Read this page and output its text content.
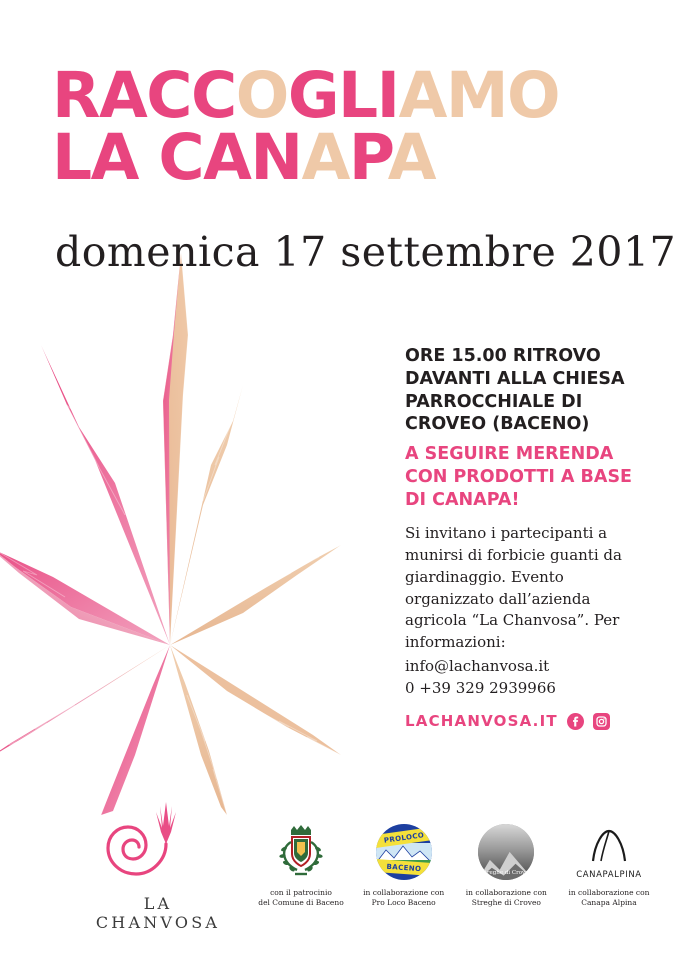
RACCOGLIAMO
LA CANAPA
domenica 17 settembre 2017
ORE 15.00 RITROVO DAVANTI ALLA CHIESA PARROCCHIALE DI CROVEO (BACENO)
A SEGUIRE MERENDA CON PRODOTTI A BASE DI CANAPA!
Si invitano i partecipanti a munirsi di forbicie guanti da giardinaggio. Evento organizzato dall’azienda agricola “La Chanvosa”. Per informazioni:
info@lachanvosa.it
0 +39 329 2939966
LACHANVOSA.IT
LA CHANVOSA
con il patrocinio
del Comune di Baceno
PROLOCO
BACENO
in collaborazione con
Pro Loco Baceno
Streghe di Croveo
in collaborazione con
Streghe di Croveo
CANAPALPINA
in collaborazione con
Canapa Alpina
